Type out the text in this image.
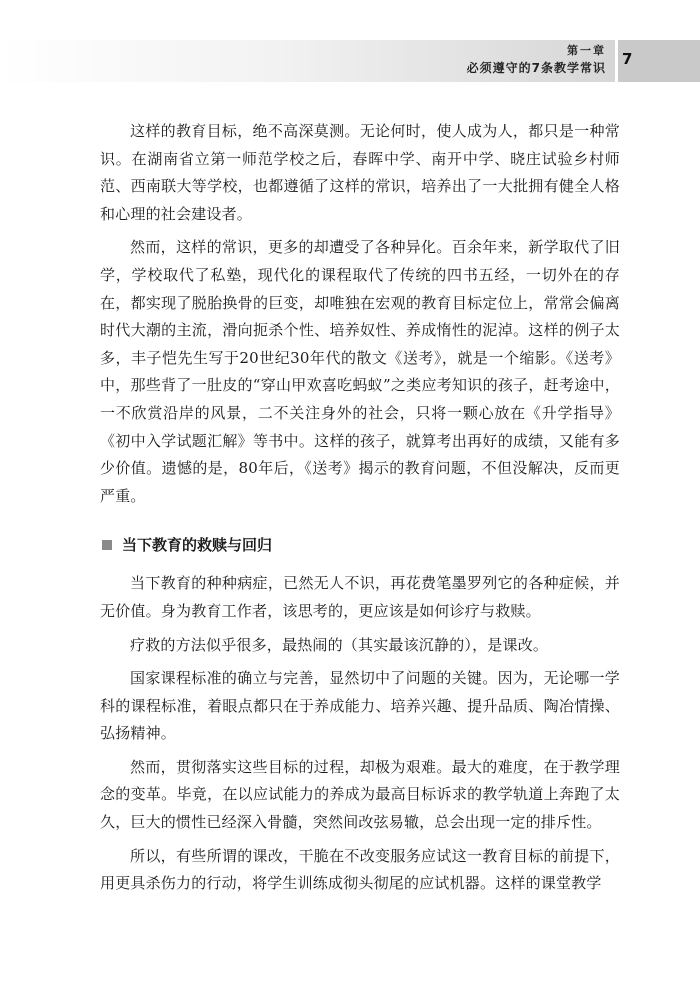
第一章
必须遵守的7条教学常识 7

这样的教育目标，绝不高深莫测。无论何时，使人成为人，都只是一种常识。在湖南省立第一师范学校之后，春晖中学、南开中学、晓庄试验乡村师范、西南联大等学校，也都遵循了这样的常识，培养出了一大批拥有健全人格和心理的社会建设者。

然而，这样的常识，更多的却遭受了各种异化。百余年来，新学取代了旧学，学校取代了私塾，现代化的课程取代了传统的四书五经，一切外在的存在，都实现了脱胎换骨的巨变，却唯独在宏观的教育目标定位上，常常会偏离时代大潮的主流，滑向扼杀个性、培养奴性、养成惰性的泥淖。这样的例子太多，丰子恺先生写于20世纪30年代的散文《送考》，就是一个缩影。《送考》中，那些背了一肚皮的“穿山甲欢喜吃蚂蚁”之类应考知识的孩子，赶考途中，一不欣赏沿岸的风景，二不关注身外的社会，只将一颗心放在《升学指导》《初中入学试题汇解》等书中。这样的孩子，就算考出再好的成绩，又能有多少价值。遗憾的是，80年后，《送考》揭示的教育问题，不但没解决，反而更严重。

当下教育的救赎与回归

当下教育的种种病症，已然无人不识，再花费笔墨罗列它的各种症候，并无价值。身为教育工作者，该思考的，更应该是如何诊疗与救赎。

疗救的方法似乎很多，最热闹的（其实最该沉静的），是课改。

国家课程标准的确立与完善，显然切中了问题的关键。因为，无论哪一学科的课程标准，着眼点都只在于养成能力、培养兴趣、提升品质、陶冶情操、弘扬精神。

然而，贯彻落实这些目标的过程，却极为艰难。最大的难度，在于教学理念的变革。毕竟，在以应试能力的养成为最高目标诉求的教学轨道上奔跑了太久，巨大的惯性已经深入骨髓，突然间改弦易辙，总会出现一定的排斥性。

所以，有些所谓的课改，干脆在不改变服务应试这一教育目标的前提下，用更具杀伤力的行动，将学生训练成彻头彻尾的应试机器。这样的课堂教学
